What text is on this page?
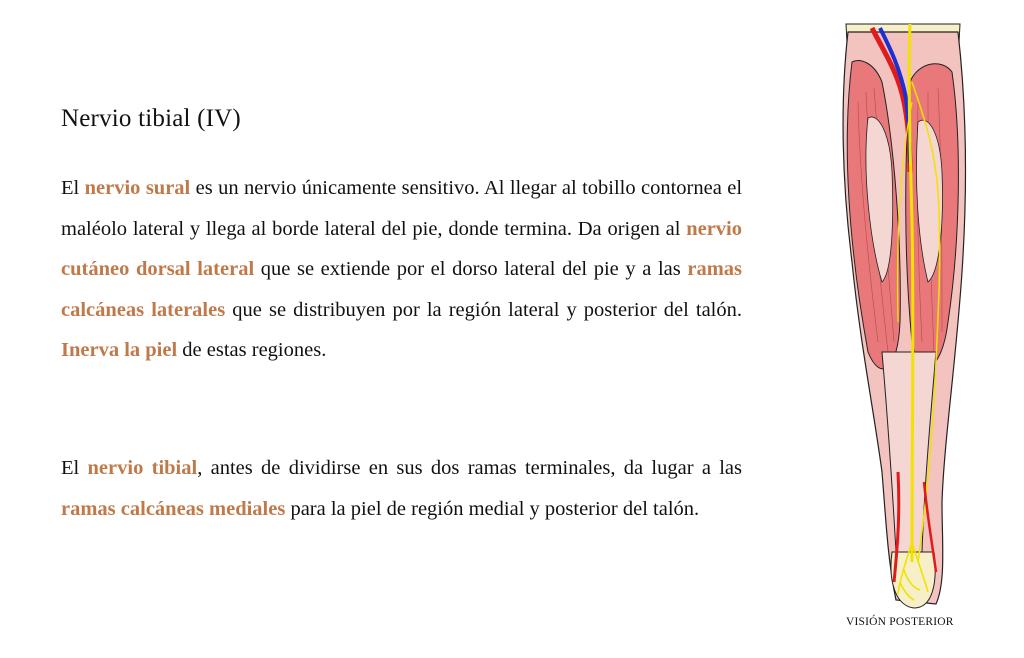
Nervio tibial (IV)

El nervio sural es un nervio únicamente sensitivo. Al llegar al tobillo contornea el maléolo lateral y llega al borde lateral del pie, donde termina. Da origen al nervio cutáneo dorsal lateral que se extiende por el dorso lateral del pie y a las ramas calcáneas laterales que se distribuyen por la región lateral y posterior del talón. Inerva la piel de estas regiones.

El nervio tibial, antes de dividirse en sus dos ramas terminales, da lugar a las ramas calcáneas mediales para la piel de región medial y posterior del talón.

VISIÓN POSTERIOR
